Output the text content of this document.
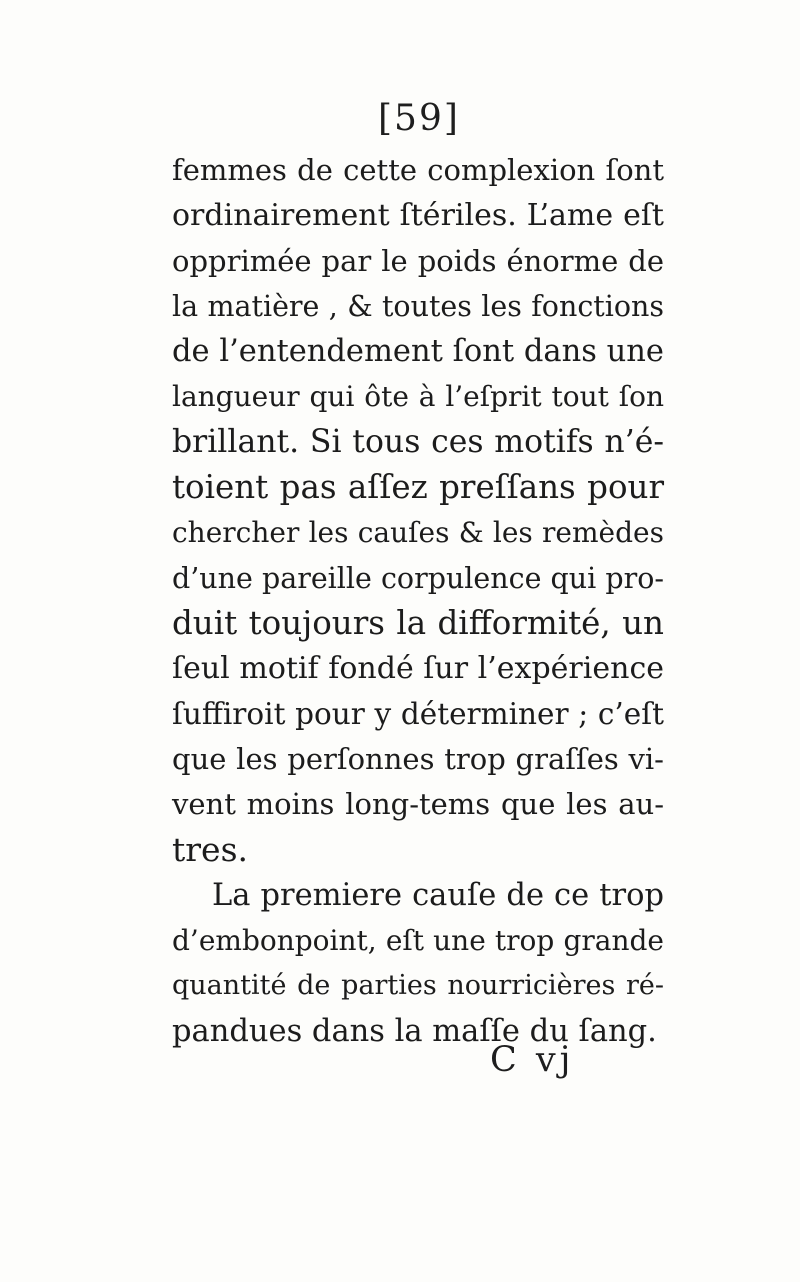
[59]
femmes de cette complexion ſont
ordinairement ſtériles. L’ame eſt
opprimée par le poids énorme de
la matière , & toutes les fonctions
de l’entendement ſont dans une
langueur qui ôte à l’eſprit tout ſon
brillant. Si tous ces motifs n’é-
toient pas aſſez preſſans pour
chercher les cauſes & les remèdes
d’une pareille corpulence qui pro-
duit toujours la difformité, un
ſeul motif fondé ſur l’expérience
ſuffiroit pour y déterminer ; c’eſt
que les perſonnes trop graſſes vi-
vent moins long-tems que les au-
tres.
La premiere cauſe de ce trop
d’embonpoint, eſt une trop grande
quantité de parties nourricières ré-
pandues dans la maſſe du ſang.
C vj
